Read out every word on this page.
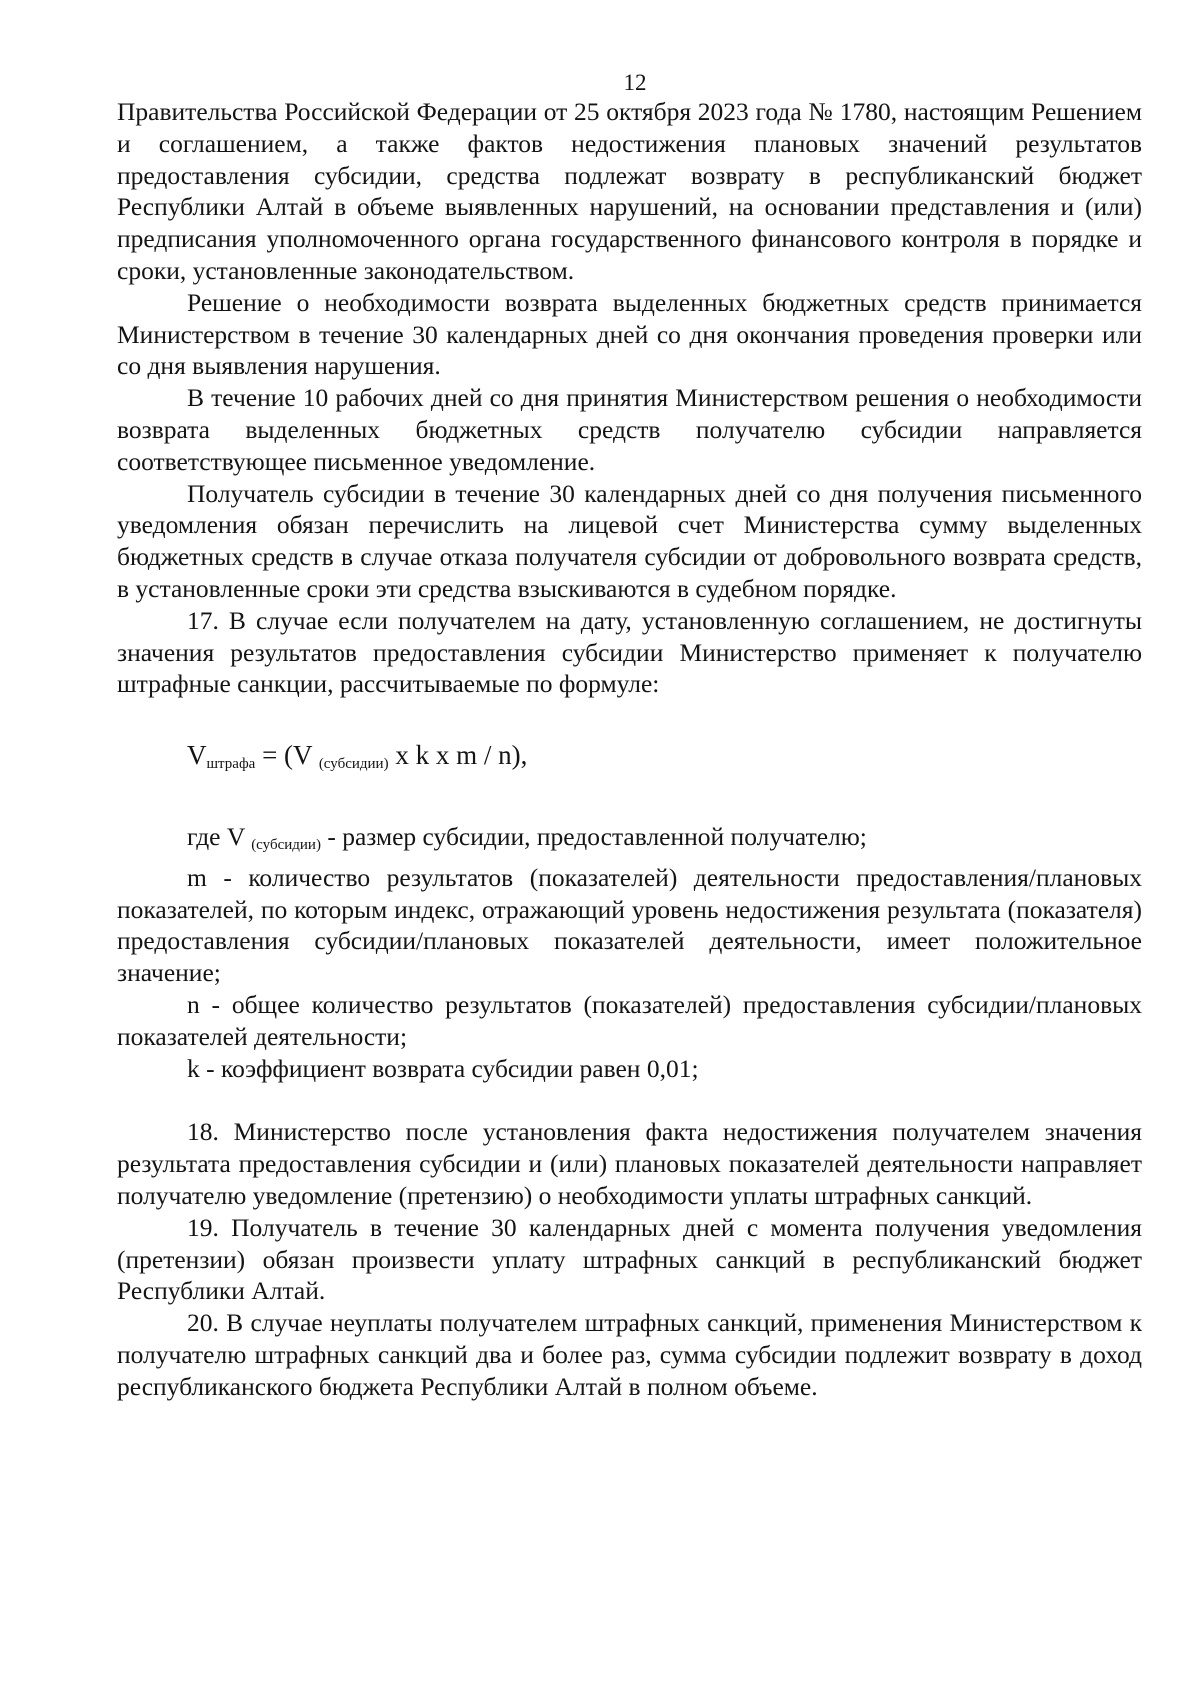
12

Правительства Российской Федерации от 25 октября 2023 года № 1780, настоящим Решением и соглашением, а также фактов недостижения плановых значений результатов предоставления субсидии, средства подлежат возврату в республиканский бюджет Республики Алтай в объеме выявленных нарушений, на основании представления и (или) предписания уполномоченного органа государственного финансового контроля в порядке и сроки, установленные законодательством.

Решение о необходимости возврата выделенных бюджетных средств принимается Министерством в течение 30 календарных дней со дня окончания проведения проверки или со дня выявления нарушения.

В течение 10 рабочих дней со дня принятия Министерством решения о необходимости возврата выделенных бюджетных средств получателю субсидии направляется соответствующее письменное уведомление.

Получатель субсидии в течение 30 календарных дней со дня получения письменного уведомления обязан перечислить на лицевой счет Министерства сумму выделенных бюджетных средств в случае отказа получателя субсидии от добровольного возврата средств, в установленные сроки эти средства взыскиваются в судебном порядке.

17. В случае если получателем на дату, установленную соглашением, не достигнуты значения результатов предоставления субсидии Министерство применяет к получателю штрафные санкции, рассчитываемые по формуле:

$V_{штрафа} = (V$ $_{(субсидии)}$ x k x m / n),

где V $_{(субсидии)}$ - размер субсидии, предоставленной получателю;

m - количество результатов (показателей) деятельности предоставления/плановых показателей, по которым индекс, отражающий уровень недостижения результата (показателя) предоставления субсидии/плановых показателей деятельности, имеет положительное значение;

n - общее количество результатов (показателей) предоставления субсидии/плановых показателей деятельности;

k - коэффициент возврата субсидии равен 0,01;

18. Министерство после установления факта недостижения получателем значения результата предоставления субсидии и (или) плановых показателей деятельности направляет получателю уведомление (претензию) о необходимости уплаты штрафных санкций.

19. Получатель в течение 30 календарных дней с момента получения уведомления (претензии) обязан произвести уплату штрафных санкций в республиканский бюджет Республики Алтай.

20. В случае неуплаты получателем штрафных санкций, применения Министерством к получателю штрафных санкций два и более раз, сумма субсидии подлежит возврату в доход республиканского бюджета Республики Алтай в полном объеме.
